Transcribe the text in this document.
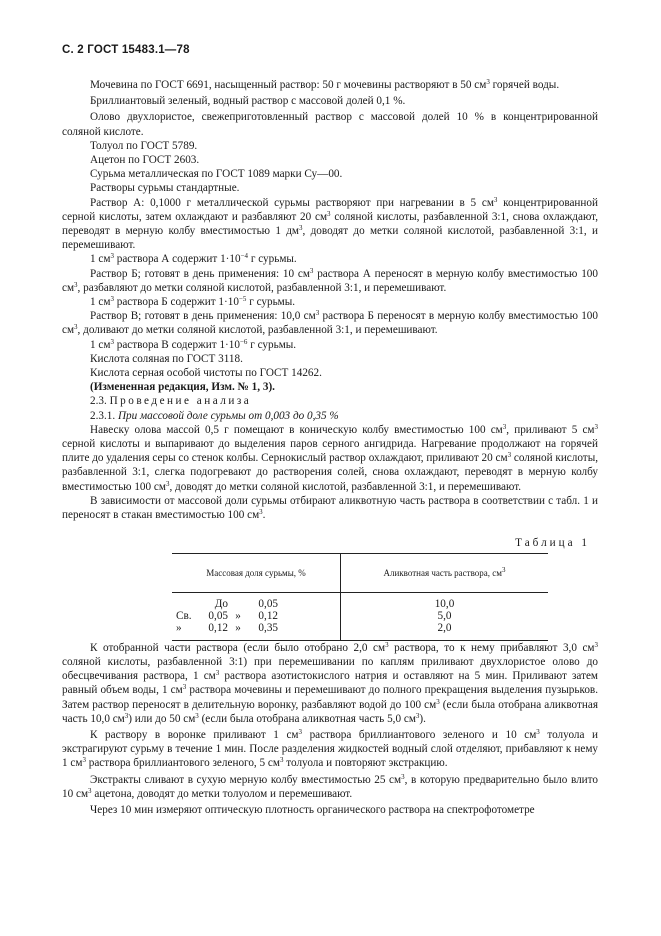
С. 2 ГОСТ 15483.1—78

Мочевина по ГОСТ 6691, насыщенный раствор: 50 г мочевины растворяют в 50 $см^3$ горячей воды.

Бриллиантовый зеленый, водный раствор с массовой долей 0,1 %.

Олово двухлористое, свежеприготовленный раствор с массовой долей 10 % в концентрированной соляной кислоте.

Толуол по ГОСТ 5789.

Ацетон по ГОСТ 2603.

Сурьма металлическая по ГОСТ 1089 марки Су—00.

Растворы сурьмы стандартные.

Раствор А: 0,1000 г металлической сурьмы растворяют при нагревании в 5 $см^3$ концентрированной серной кислоты, затем охлаждают и разбавляют 20 $см^3$ соляной кислоты, разбавленной 3:1, снова охлаждают, переводят в мерную колбу вместимостью 1 $дм^3$, доводят до метки соляной кислотой, разбавленной 3:1, и перемешивают.

1 $см^3$ раствора А содержит $1\cdot 10^{-4}$ г сурьмы.

Раствор Б; готовят в день применения: 10 $см^3$ раствора А переносят в мерную колбу вместимостью 100 $см^3$, разбавляют до метки соляной кислотой, разбавленной 3:1, и перемешивают.

1 $см^3$ раствора Б содержит $1\cdot 10^{-5}$ г сурьмы.

Раствор В; готовят в день применения: 10,0 $см^3$ раствора Б переносят в мерную колбу вместимостью 100 $см^3$, доливают до метки соляной кислотой, разбавленной 3:1, и перемешивают.

1 $см^3$ раствора В содержит $1\cdot 10^{-6}$ г сурьмы.

Кислота соляная по ГОСТ 3118.

Кислота серная особой чистоты по ГОСТ 14262.

(Измененная редакция, Изм. № 1, 3).

2.3. Проведение анализа

2.3.1. При массовой доле сурьмы от 0,003 до 0,35 %

Навеску олова массой 0,5 г помещают в коническую колбу вместимостью 100 $см^3$, приливают 5 $см^3$ серной кислоты и выпаривают до выделения паров серного ангидрида. Нагревание продолжают на горячей плите до удаления серы со стенок колбы. Сернокислый раствор охлаждают, приливают 20 $см^3$ соляной кислоты, разбавленной 3:1, слегка подогревают до растворения солей, снова охлаждают, переводят в мерную колбу вместимостью 100 $см^3$, доводят до метки соляной кислотой, разбавленной 3:1, и перемешивают.

В зависимости от массовой доли сурьмы отбирают аликвотную часть раствора в соответствии с табл. 1 и переносят в стакан вместимостью 100 $см^3$.

Таблица 1
Массовая доля сурьмы, %	Аликвотная часть раствора, $см^3$
До 0,05	10,0
Св. 0,05 » 0,12	5,0
» 0,12 » 0,35	2,0

К отобранной части раствора (если было отобрано 2,0 $см^3$ раствора, то к нему прибавляют 3,0 $см^3$ соляной кислоты, разбавленной 3:1) при перемешивании по каплям приливают двухлористое олово до обесцвечивания раствора, 1 $см^3$ раствора азотистокислого натрия и оставляют на 5 мин. Приливают затем равный объем воды, 1 $см^3$ раствора мочевины и перемешивают до полного прекращения выделения пузырьков. Затем раствор переносят в делительную воронку, разбавляют водой до 100 $см^3$ (если была отобрана аликвотная часть 10,0 $см^3$) или до 50 $см^3$ (если была отобрана аликвотная часть 5,0 $см^3$).

К раствору в воронке приливают 1 $см^3$ раствора бриллиантового зеленого и 10 $см^3$ толуола и экстрагируют сурьму в течение 1 мин. После разделения жидкостей водный слой отделяют, прибавляют к нему 1 $см^3$ раствора бриллиантового зеленого, 5 $см^3$ толуола и повторяют экстракцию.

Экстракты сливают в сухую мерную колбу вместимостью 25 $см^3$, в которую предварительно было влито 10 $см^3$ ацетона, доводят до метки толуолом и перемешивают.

Через 10 мин измеряют оптическую плотность органического раствора на спектрофотометре
